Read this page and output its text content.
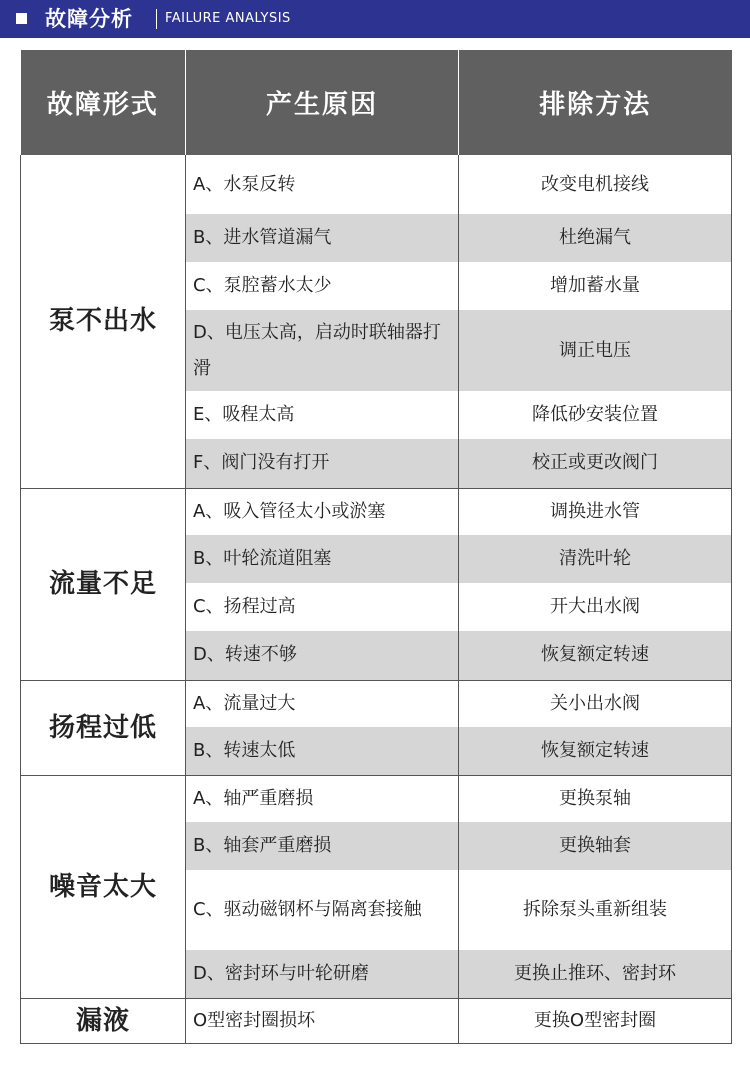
故障分析 FAILURE ANALYSIS
故障形式	产生原因	排除方法
泵不出水	A、水泵反转	改变电机接线
	B、进水管道漏气	杜绝漏气
	C、泵腔蓄水太少	增加蓄水量
	D、电压太高，启动时联轴器打滑	调正电压
	E、吸程太高	降低砂安装位置
	F、阀门没有打开	校正或更改阀门
流量不足	A、吸入管径太小或淤塞	调换进水管
	B、叶轮流道阻塞	清洗叶轮
	C、扬程过高	开大出水阀
	D、转速不够	恢复额定转速
扬程过低	A、流量过大	关小出水阀
	B、转速太低	恢复额定转速
噪音太大	A、轴严重磨损	更换泵轴
	B、轴套严重磨损	更换轴套
	C、驱动磁钢杯与隔离套接触	拆除泵头重新组装
	D、密封环与叶轮研磨	更换止推环、密封环
漏液	O型密封圈损坏	更换O型密封圈
